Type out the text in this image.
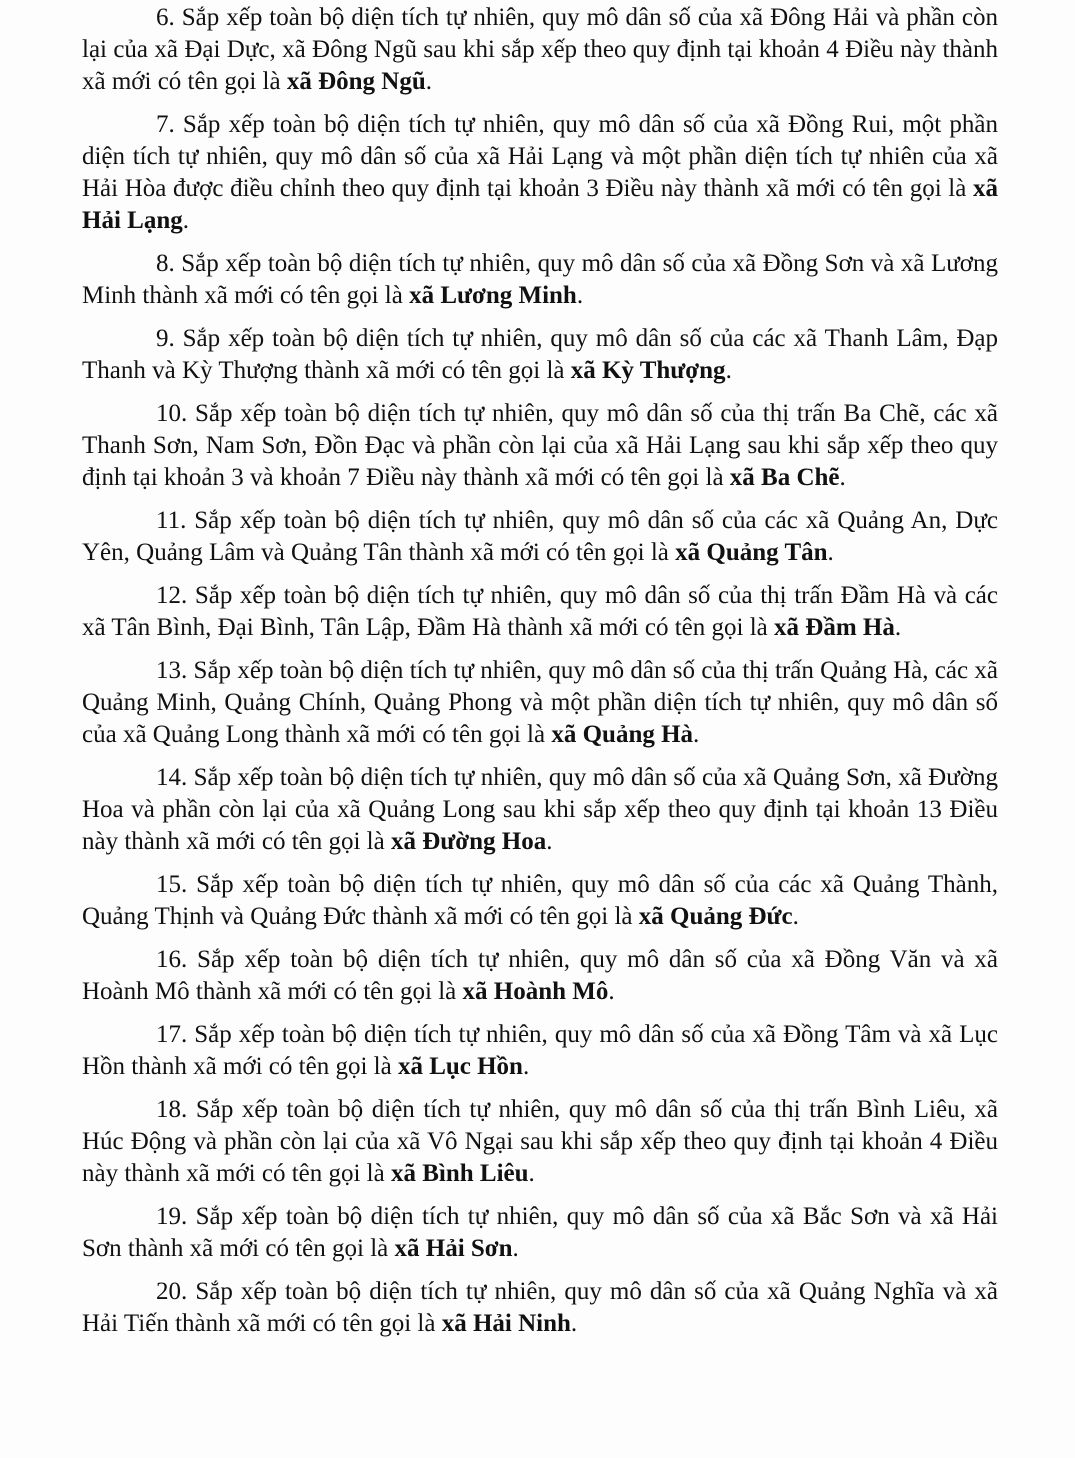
6. Sắp xếp toàn bộ diện tích tự nhiên, quy mô dân số của xã Đông Hải và phần còn lại của xã Đại Dực, xã Đông Ngũ sau khi sắp xếp theo quy định tại khoản 4 Điều này thành xã mới có tên gọi là xã Đông Ngũ.

7. Sắp xếp toàn bộ diện tích tự nhiên, quy mô dân số của xã Đồng Rui, một phần diện tích tự nhiên, quy mô dân số của xã Hải Lạng và một phần diện tích tự nhiên của xã Hải Hòa được điều chỉnh theo quy định tại khoản 3 Điều này thành xã mới có tên gọi là xã Hải Lạng.

8. Sắp xếp toàn bộ diện tích tự nhiên, quy mô dân số của xã Đồng Sơn và xã Lương Minh thành xã mới có tên gọi là xã Lương Minh.

9. Sắp xếp toàn bộ diện tích tự nhiên, quy mô dân số của các xã Thanh Lâm, Đạp Thanh và Kỳ Thượng thành xã mới có tên gọi là xã Kỳ Thượng.

10. Sắp xếp toàn bộ diện tích tự nhiên, quy mô dân số của thị trấn Ba Chẽ, các xã Thanh Sơn, Nam Sơn, Đồn Đạc và phần còn lại của xã Hải Lạng sau khi sắp xếp theo quy định tại khoản 3 và khoản 7 Điều này thành xã mới có tên gọi là xã Ba Chẽ.

11. Sắp xếp toàn bộ diện tích tự nhiên, quy mô dân số của các xã Quảng An, Dực Yên, Quảng Lâm và Quảng Tân thành xã mới có tên gọi là xã Quảng Tân.

12. Sắp xếp toàn bộ diện tích tự nhiên, quy mô dân số của thị trấn Đầm Hà và các xã Tân Bình, Đại Bình, Tân Lập, Đầm Hà thành xã mới có tên gọi là xã Đầm Hà.

13. Sắp xếp toàn bộ diện tích tự nhiên, quy mô dân số của thị trấn Quảng Hà, các xã Quảng Minh, Quảng Chính, Quảng Phong và một phần diện tích tự nhiên, quy mô dân số của xã Quảng Long thành xã mới có tên gọi là xã Quảng Hà.

14. Sắp xếp toàn bộ diện tích tự nhiên, quy mô dân số của xã Quảng Sơn, xã Đường Hoa và phần còn lại của xã Quảng Long sau khi sắp xếp theo quy định tại khoản 13 Điều này thành xã mới có tên gọi là xã Đường Hoa.

15. Sắp xếp toàn bộ diện tích tự nhiên, quy mô dân số của các xã Quảng Thành, Quảng Thịnh và Quảng Đức thành xã mới có tên gọi là xã Quảng Đức.

16. Sắp xếp toàn bộ diện tích tự nhiên, quy mô dân số của xã Đồng Văn và xã Hoành Mô thành xã mới có tên gọi là xã Hoành Mô.

17. Sắp xếp toàn bộ diện tích tự nhiên, quy mô dân số của xã Đồng Tâm và xã Lục Hồn thành xã mới có tên gọi là xã Lục Hồn.

18. Sắp xếp toàn bộ diện tích tự nhiên, quy mô dân số của thị trấn Bình Liêu, xã Húc Động và phần còn lại của xã Vô Ngại sau khi sắp xếp theo quy định tại khoản 4 Điều này thành xã mới có tên gọi là xã Bình Liêu.

19. Sắp xếp toàn bộ diện tích tự nhiên, quy mô dân số của xã Bắc Sơn và xã Hải Sơn thành xã mới có tên gọi là xã Hải Sơn.

20. Sắp xếp toàn bộ diện tích tự nhiên, quy mô dân số của xã Quảng Nghĩa và xã Hải Tiến thành xã mới có tên gọi là xã Hải Ninh.
